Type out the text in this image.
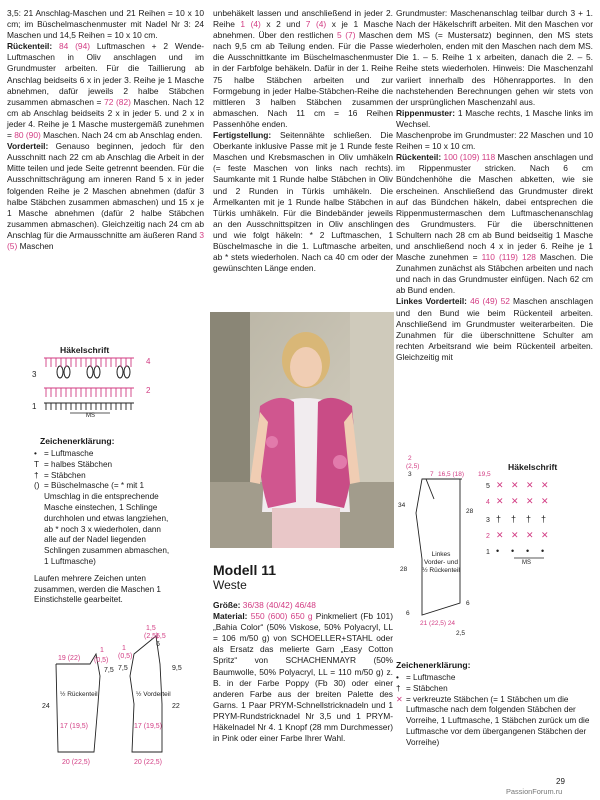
3,5: 21 Anschlag-Maschen und 21 Reihen = 10 x 10 cm; im Büschelmaschenmuster mit Nadel Nr 3: 24 Maschen und 14,5 Reihen = 10 x 10 cm.

Rückenteil: 84 (94) Luftmaschen + 2 Wende-Luftmaschen in Oliv anschlagen und im Grundmuster arbeiten. Für die Taillierung ab Anschlag beidseits 6 x in jeder 3. Reihe je 1 Masche abnehmen, dafür jeweils 2 halbe Stäbchen zusammen abmaschen = 72 (82) Maschen. Nach 12 cm ab Anschlag beidseits 2 x in jeder 5. und 2 x in jeder 4. Reihe je 1 Masche mustergemäß zunehmen = 80 (90) Maschen. Nach 24 cm ab Anschlag enden.

Vorderteil: Genauso beginnen, jedoch für den Ausschnitt nach 22 cm ab Anschlag die Arbeit in der Mitte teilen und jede Seite getrennt beenden. Für die Ausschnittschrägung am inneren Rand 5 x in jeder folgenden Reihe je 2 Maschen abnehmen (dafür 3 halbe Stäbchen zusammen abmaschen) und 15 x je 1 Masche abnehmen (dafür 2 halbe Stäbchen zusammen abmaschen). Gleichzeitig nach 24 cm ab Anschlag für die Armausschnitte am äußeren Rand 3 (5) Maschen

Häkelschrift
4
3
2
1
MS
Zeichenerklärung:
• = Luftmasche
T = halbes Stäbchen
† = Stäbchen
() = Büschelmasche (= * mit 1 Umschlag in die entsprechende Masche einstechen, 1 Schlinge durchholen und etwas langziehen, ab * noch 3 x wiederholen, dann alle auf der Nadel liegenden Schlingen zusammen abmaschen, 1 Luftmasche)
Laufen mehrere Zeichen unten zusammen, werden die Maschen 1 Einstichstelle gearbeitet.
½ Rückenteil	½ Vorderteil
19 (22)
1
(0,5)
7,5
24
17 (19,5)
20 (22,5)
1,5
(2,5)
5,5
6
1
(0,5)
7,5	9,5
22
17 (19,5)
20 (22,5)

unbehäkelt lassen und anschließend in jeder 2. Reihe 1 (4) x 2 und 7 (4) x je 1 Masche abnehmen. Über den restlichen 5 (7) Maschen nach 9,5 cm ab Teilung enden. Für die Passe die Ausschnittkante im Büschelmaschenmuster in der Farbfolge behäkeln. Dafür in der 1. Reihe 75 halbe Stäbchen arbeiten und zur Formgebung in jeder Halbe-Stäbchen-Reihe die mittleren 3 halben Stäbchen zusammen abmaschen. Nach 11 cm = 16 Reihen Passenhöhe enden.

Fertigstellung: Seitennähte schließen. Die Oberkante inklusive Passe mit je 1 Runde feste Maschen und Krebsmaschen in Oliv umhäkeln (= feste Maschen von links nach rechts). Saumkante mit 1 Runde halbe Stäbchen in Oliv und 2 Runden in Türkis umhäkeln. Die Ärmelkanten mit je 1 Runde halbe Stäbchen in Türkis umhäkeln. Für die Bindebänder jeweils an den Ausschnittspitzen in Oliv anschlingen und wie folgt häkeln: * 2 Luftmaschen, 1 Büschelmasche in die 1. Luftmasche arbeiten, ab * stets wiederholen. Nach ca 40 cm oder der gewünschten Länge enden.

Modell 11
Weste

Größe: 36/38 (40/42) 46/48

Material: 550 (600) 650 g Pinkmeliert (Fb 101) „Bahia Color“ (50% Viskose, 50% Polyacryl, LL = 106 m/50 g) von SCHOELLER+STAHL oder als Ersatz das melierte Garn „Easy Cotton Spritz“ von SCHACHENMAYR (50% Baumwolle, 50% Polyacryl, LL = 110 m/50 g) z. B. in der Farbe Poppy (Fb 30) oder einer anderen Farbe aus der breiten Palette des Garns. 1 Paar PRYM-Schnellstricknadeln und 1 PRYM-Rundstricknadel Nr 3,5 und 1 PRYM-Häkelnadel Nr 4. 1 Knopf (28 mm Durchmesser) in Pink oder einer Farbe Ihrer Wahl.

Grundmuster: Maschenanschlag teilbar durch 3 + 1. Nach der Häkelschrift arbeiten. Mit den Maschen vor dem MS (= Mustersatz) beginnen, den MS stets wiederholen, enden mit den Maschen nach dem MS. Die 1. – 5. Reihe 1 x arbeiten, danach die 2. – 5. Reihe stets wiederholen. Hinweis: Die Maschenzahl variiert innerhalb des Höhenrapportes. In den nachstehenden Berechnungen gehen wir stets von der ursprünglichen Maschenzahl aus.

Rippenmuster: 1 Masche rechts, 1 Masche links im Wechsel.

Maschenprobe im Grundmuster: 22 Maschen und 10 Reihen = 10 x 10 cm.

Rückenteil: 100 (109) 118 Maschen anschlagen und im Rippenmuster stricken. Nach 6 cm Bündchenhöhe die Maschen abketten, wie sie erscheinen. Anschließend das Grundmuster direkt auf das Bündchen häkeln, dabei entsprechen die Rippenmustermaschen dem Luftmaschenanschlag des Grundmusters. Für die überschnittenen Schultern nach 28 cm ab Bund beidseitig 1 Masche und anschließend noch 4 x in jeder 6. Reihe je 1 Masche zunehmen = 110 (119) 128 Maschen. Die Zunahmen zunächst als Stäbchen arbeiten und nach und nach in das Grundmuster einfügen. Nach 62 cm ab Bund enden.

Linkes Vorderteil: 46 (49) 52 Maschen anschlagen und den Bund wie beim Rückenteil arbeiten. Anschließend im Grundmuster weiterarbeiten. Die Zunahmen für die überschnittene Schulter am rechten Arbeitsrand wie beim Rückenteil arbeiten. Gleichzeitig mit

2
(2,5)
3	7 16,5 (18) 19,5
34
28
28
6
6
Linkes Vorder- und ½ Rückenteil
21 (22,5) 24
2,5
Häkelschrift
5 ✕ ✕ ✕ ✕
4 ✕ ✕ ✕ ✕
3 † † † †
2 ✕ ✕ ✕ ✕
1 • • • •
MS
Zeichenerklärung:
• = Luftmasche
† = Stäbchen
✕ = verkreuzte Stäbchen (= 1 Stäbchen um die Luftmasche nach dem folgenden Stäbchen der Vorreihe, 1 Luftmasche, 1 Stäbchen zurück um die Luftmasche vor dem übergangenen Stäbchen der Vorreihe)
29
PassionForum.ru
